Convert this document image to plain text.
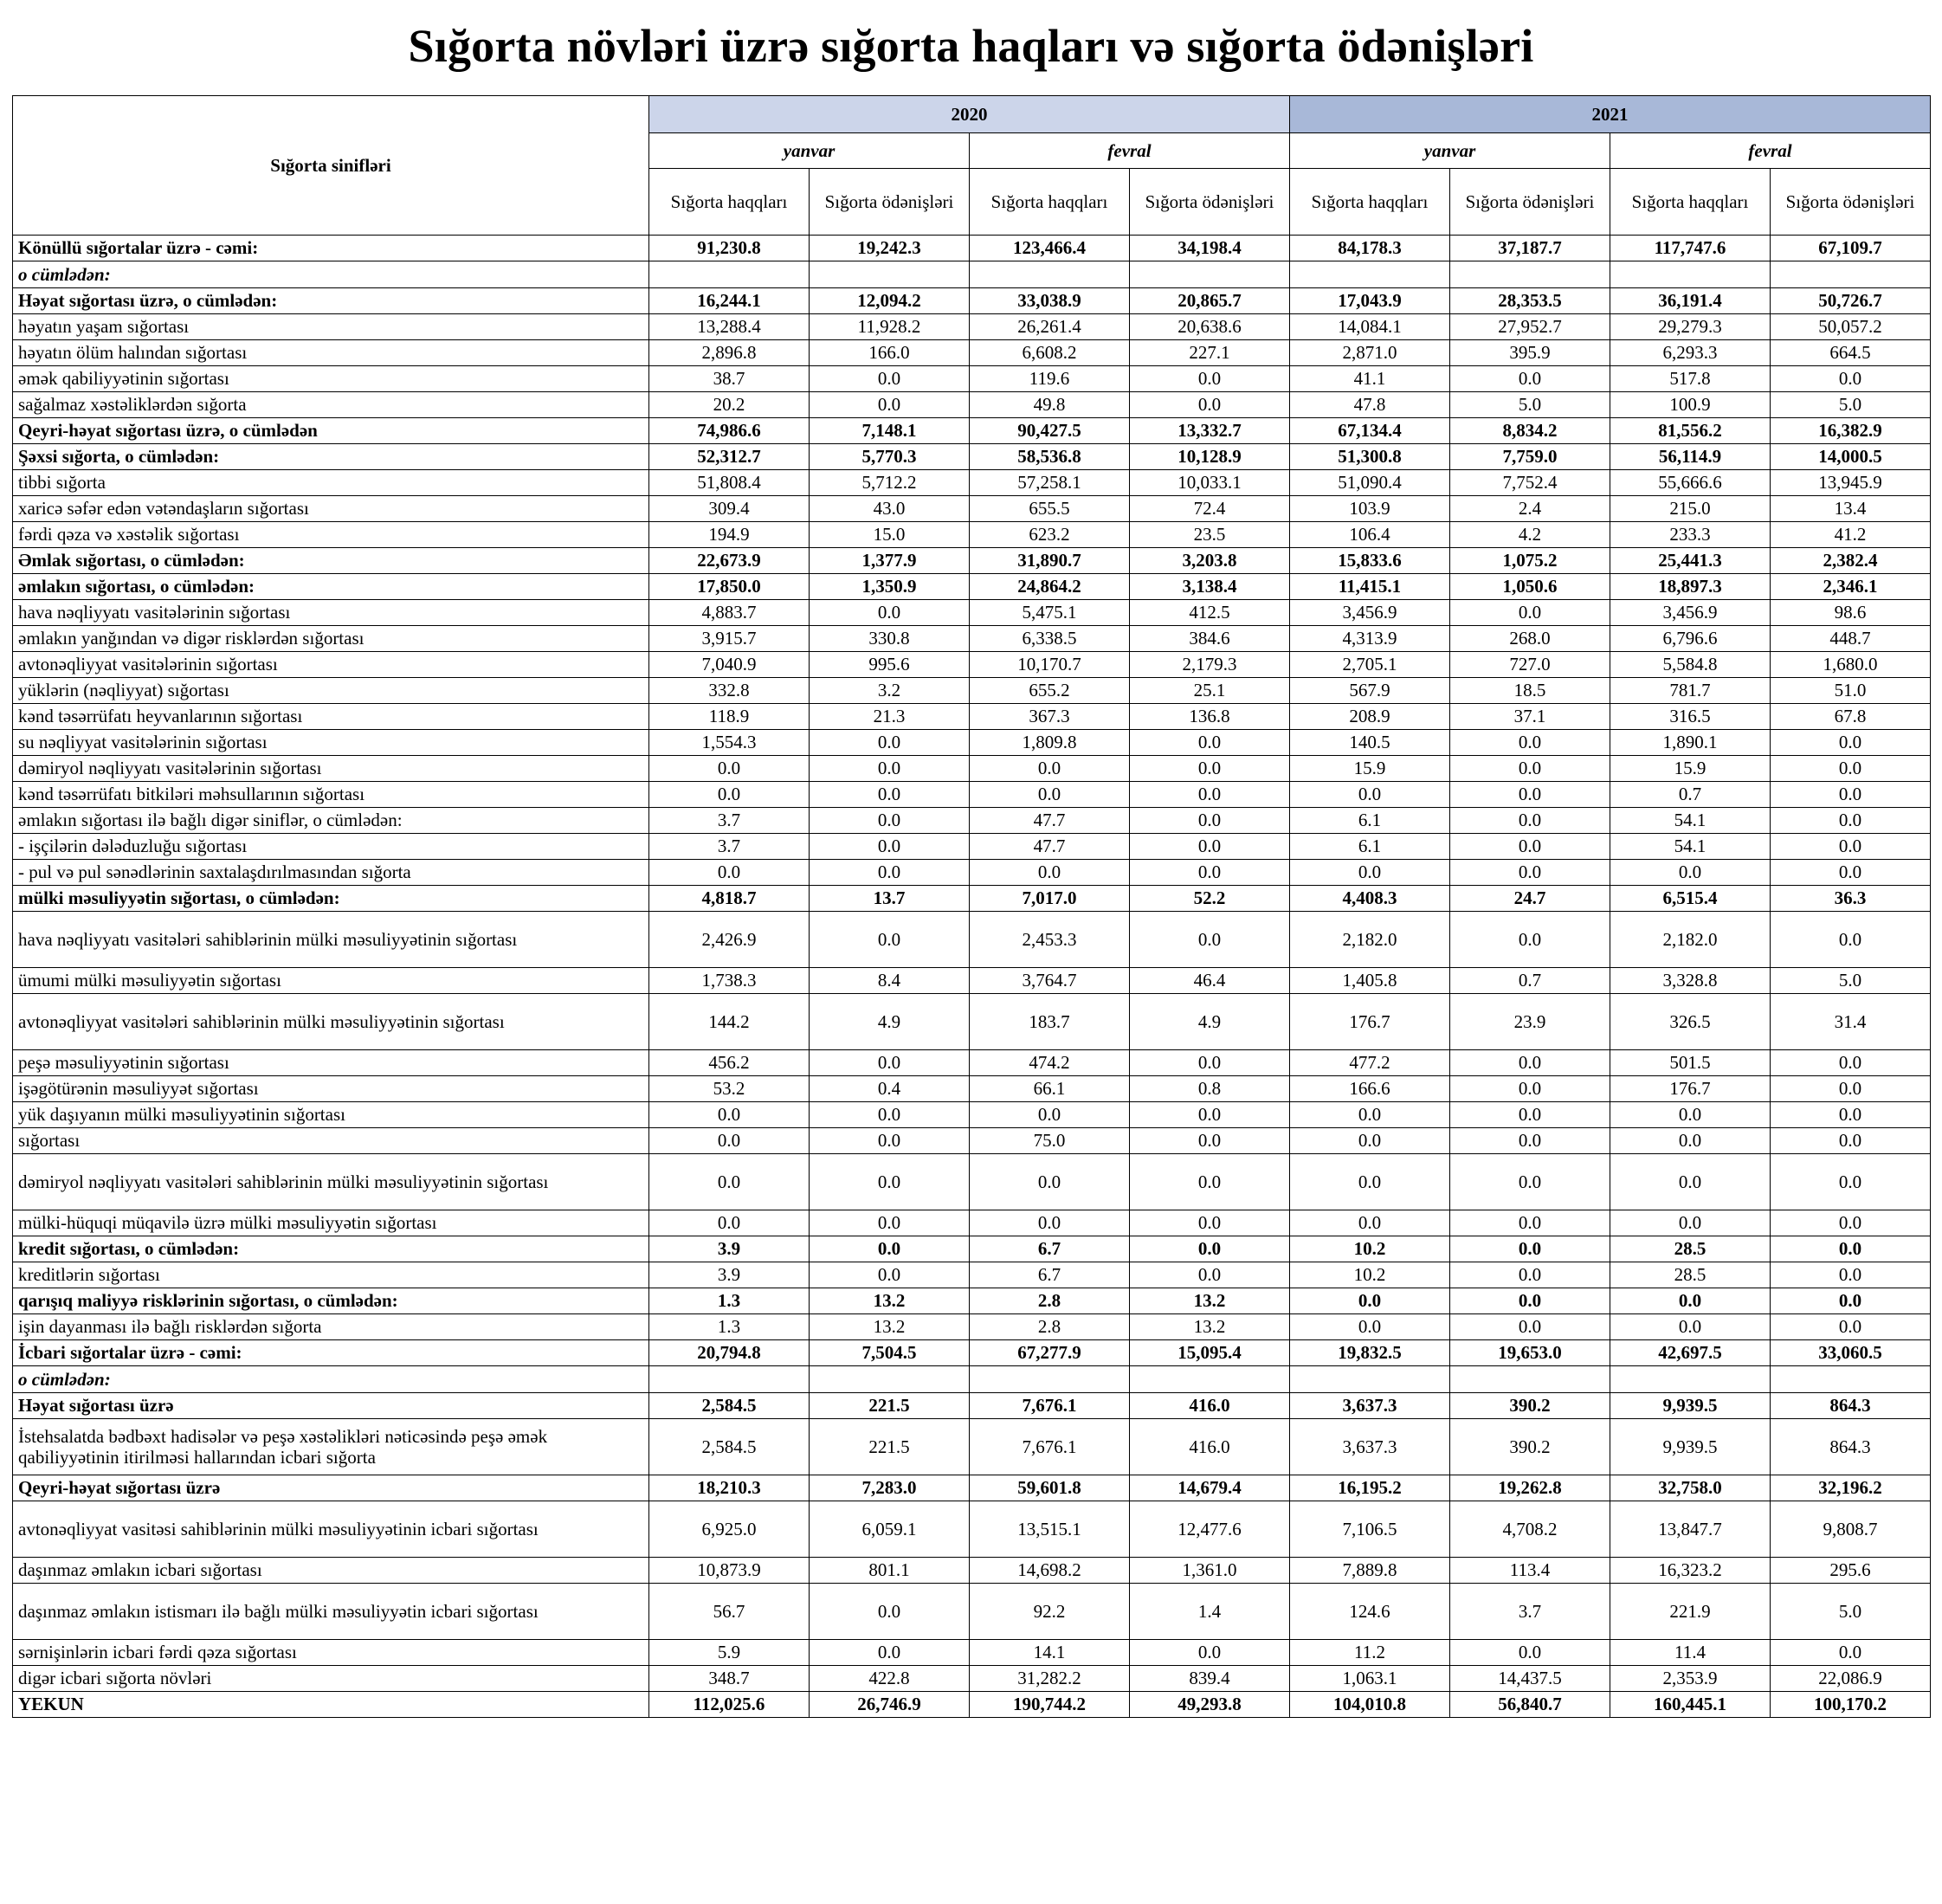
Sığorta növləri üzrə sığorta haqları və sığorta ödənişləri
Sığorta sinifləri	2020				2021			
	yanvar		fevral		yanvar		fevral	
	Sığorta haqqları	Sığorta ödənişləri	Sığorta haqqları	Sığorta ödənişləri	Sığorta haqqları	Sığorta ödənişləri	Sığorta haqqları	Sığorta ödənişləri
Könüllü sığortalar üzrə - cəmi:	91,230.8	19,242.3	123,466.4	34,198.4	84,178.3	37,187.7	117,747.6	67,109.7
o cümlədən:								
Həyat sığortası üzrə, o cümlədən:	16,244.1	12,094.2	33,038.9	20,865.7	17,043.9	28,353.5	36,191.4	50,726.7
həyatın yaşam sığortası	13,288.4	11,928.2	26,261.4	20,638.6	14,084.1	27,952.7	29,279.3	50,057.2
həyatın ölüm halından sığortası	2,896.8	166.0	6,608.2	227.1	2,871.0	395.9	6,293.3	664.5
əmək qabiliyyətinin sığortası	38.7	0.0	119.6	0.0	41.1	0.0	517.8	0.0
sağalmaz xəstəliklərdən sığorta	20.2	0.0	49.8	0.0	47.8	5.0	100.9	5.0
Qeyri-həyat sığortası üzrə, o cümlədən	74,986.6	7,148.1	90,427.5	13,332.7	67,134.4	8,834.2	81,556.2	16,382.9
Şəxsi sığorta, o cümlədən:	52,312.7	5,770.3	58,536.8	10,128.9	51,300.8	7,759.0	56,114.9	14,000.5
tibbi sığorta	51,808.4	5,712.2	57,258.1	10,033.1	51,090.4	7,752.4	55,666.6	13,945.9
xaricə səfər edən vətəndaşların sığortası	309.4	43.0	655.5	72.4	103.9	2.4	215.0	13.4
fərdi qəza və xəstəlik sığortası	194.9	15.0	623.2	23.5	106.4	4.2	233.3	41.2
Əmlak sığortası, o cümlədən:	22,673.9	1,377.9	31,890.7	3,203.8	15,833.6	1,075.2	25,441.3	2,382.4
əmlakın sığortası, o cümlədən:	17,850.0	1,350.9	24,864.2	3,138.4	11,415.1	1,050.6	18,897.3	2,346.1
hava nəqliyyatı vasitələrinin sığortası	4,883.7	0.0	5,475.1	412.5	3,456.9	0.0	3,456.9	98.6
əmlakın yanğından və digər risklərdən sığortası	3,915.7	330.8	6,338.5	384.6	4,313.9	268.0	6,796.6	448.7
avtonəqliyyat vasitələrinin sığortası	7,040.9	995.6	10,170.7	2,179.3	2,705.1	727.0	5,584.8	1,680.0
yüklərin (nəqliyyat) sığortası	332.8	3.2	655.2	25.1	567.9	18.5	781.7	51.0
kənd təsərrüfatı heyvanlarının sığortası	118.9	21.3	367.3	136.8	208.9	37.1	316.5	67.8
su nəqliyyat vasitələrinin sığortası	1,554.3	0.0	1,809.8	0.0	140.5	0.0	1,890.1	0.0
dəmiryol nəqliyyatı vasitələrinin sığortası	0.0	0.0	0.0	0.0	15.9	0.0	15.9	0.0
kənd təsərrüfatı bitkiləri məhsullarının sığortası	0.0	0.0	0.0	0.0	0.0	0.0	0.7	0.0
əmlakın sığortası ilə bağlı digər siniflər, o cümlədən:	3.7	0.0	47.7	0.0	6.1	0.0	54.1	0.0
- işçilərin dələduzluğu sığortası	3.7	0.0	47.7	0.0	6.1	0.0	54.1	0.0
- pul və pul sənədlərinin saxtalaşdırılmasından sığorta	0.0	0.0	0.0	0.0	0.0	0.0	0.0	0.0
mülki məsuliyyətin sığortası, o cümlədən:	4,818.7	13.7	7,017.0	52.2	4,408.3	24.7	6,515.4	36.3
hava nəqliyyatı vasitələri sahiblərinin mülki məsuliyyətinin sığortası	2,426.9	0.0	2,453.3	0.0	2,182.0	0.0	2,182.0	0.0
ümumi mülki məsuliyyətin sığortası	1,738.3	8.4	3,764.7	46.4	1,405.8	0.7	3,328.8	5.0
avtonəqliyyat vasitələri sahiblərinin mülki məsuliyyətinin sığortası	144.2	4.9	183.7	4.9	176.7	23.9	326.5	31.4
peşə məsuliyyətinin sığortası	456.2	0.0	474.2	0.0	477.2	0.0	501.5	0.0
işəgötürənin məsuliyyət sığortası	53.2	0.4	66.1	0.8	166.6	0.0	176.7	0.0
yük daşıyanın mülki məsuliyyətinin sığortası	0.0	0.0	0.0	0.0	0.0	0.0	0.0	0.0
sığortası	0.0	0.0	75.0	0.0	0.0	0.0	0.0	0.0
dəmiryol nəqliyyatı vasitələri sahiblərinin mülki məsuliyyətinin sığortası	0.0	0.0	0.0	0.0	0.0	0.0	0.0	0.0
mülki-hüquqi müqavilə üzrə mülki məsuliyyətin sığortası	0.0	0.0	0.0	0.0	0.0	0.0	0.0	0.0
kredit sığortası, o cümlədən:	3.9	0.0	6.7	0.0	10.2	0.0	28.5	0.0
kreditlərin sığortası	3.9	0.0	6.7	0.0	10.2	0.0	28.5	0.0
qarışıq maliyyə risklərinin sığortası, o cümlədən:	1.3	13.2	2.8	13.2	0.0	0.0	0.0	0.0
işin dayanması ilə bağlı risklərdən sığorta	1.3	13.2	2.8	13.2	0.0	0.0	0.0	0.0
İcbari sığortalar üzrə - cəmi:	20,794.8	7,504.5	67,277.9	15,095.4	19,832.5	19,653.0	42,697.5	33,060.5
o cümlədən:								
Həyat sığortası üzrə	2,584.5	221.5	7,676.1	416.0	3,637.3	390.2	9,939.5	864.3
İstehsalatda bədbəxt hadisələr və peşə xəstəlikləri nəticəsində peşə əmək qabiliyyətinin itirilməsi hallarından icbari sığorta	2,584.5	221.5	7,676.1	416.0	3,637.3	390.2	9,939.5	864.3
Qeyri-həyat sığortası üzrə	18,210.3	7,283.0	59,601.8	14,679.4	16,195.2	19,262.8	32,758.0	32,196.2
avtonəqliyyat vasitəsi sahiblərinin mülki məsuliyyətinin icbari sığortası	6,925.0	6,059.1	13,515.1	12,477.6	7,106.5	4,708.2	13,847.7	9,808.7
daşınmaz əmlakın icbari sığortası	10,873.9	801.1	14,698.2	1,361.0	7,889.8	113.4	16,323.2	295.6
daşınmaz əmlakın istismarı ilə bağlı mülki məsuliyyətin icbari sığortası	56.7	0.0	92.2	1.4	124.6	3.7	221.9	5.0
sərnişinlərin icbari fərdi qəza sığortası	5.9	0.0	14.1	0.0	11.2	0.0	11.4	0.0
digər icbari sığorta növləri	348.7	422.8	31,282.2	839.4	1,063.1	14,437.5	2,353.9	22,086.9
YEKUN	112,025.6	26,746.9	190,744.2	49,293.8	104,010.8	56,840.7	160,445.1	100,170.2
